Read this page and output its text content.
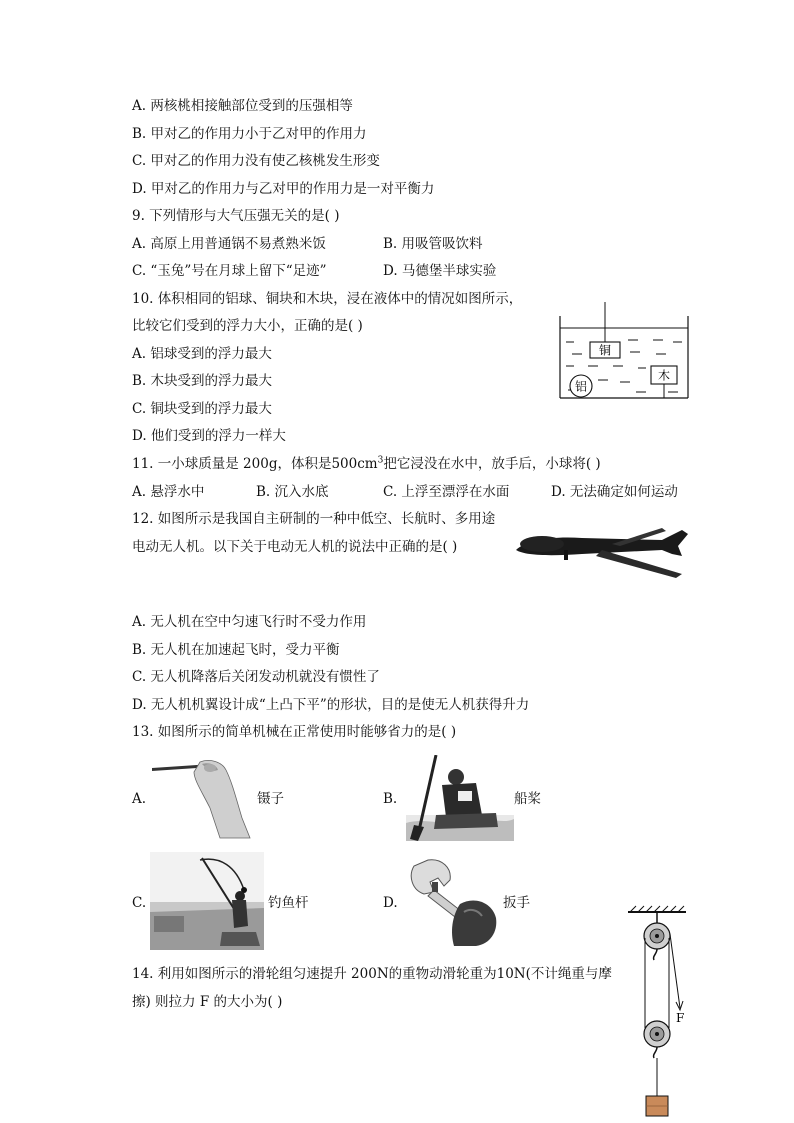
A. 两核桃相接触部位受到的压强相等
B. 甲对乙的作用力小于乙对甲的作用力
C. 甲对乙的作用力没有使乙核桃发生形变
D. 甲对乙的作用力与乙对甲的作用力是一对平衡力
9. 下列情形与大气压强无关的是( )
A. 高原上用普通锅不易煮熟米饭	B. 用吸管吸饮料
C. “玉兔”号在月球上留下“足迹”	D. 马德堡半球实验
10. 体积相同的铝球、铜块和木块，浸在液体中的情况如图所示，
比较它们受到的浮力大小，正确的是( )
A. 铝球受到的浮力最大
B. 木块受到的浮力最大
C. 铜块受到的浮力最大
D. 他们受到的浮力一样大
铜
木
铝
11. 一小球质量是 200g，体积是$500cm^3$把它浸没在水中，放手后，小球将( )
A. 悬浮水中	B. 沉入水底	C. 上浮至漂浮在水面	D. 无法确定如何运动
12. 如图所示是我国自主研制的一种中低空、长航时、多用途
电动无人机。以下关于电动无人机的说法中正确的是( )
A. 无人机在空中匀速飞行时不受力作用
B. 无人机在加速起飞时，受力平衡
C. 无人机降落后关闭发动机就没有惯性了
D. 无人机机翼设计成“上凸下平”的形状，目的是使无人机获得升力
13. 如图所示的简单机械在正常使用时能够省力的是( )
A.	镊子	B.	船桨
C.	钓鱼杆	D.	扳手
14. 利用如图所示的滑轮组匀速提升 200N的重物动滑轮重为10N(不计绳重与摩
擦) 则拉力 F 的大小为( )
F
